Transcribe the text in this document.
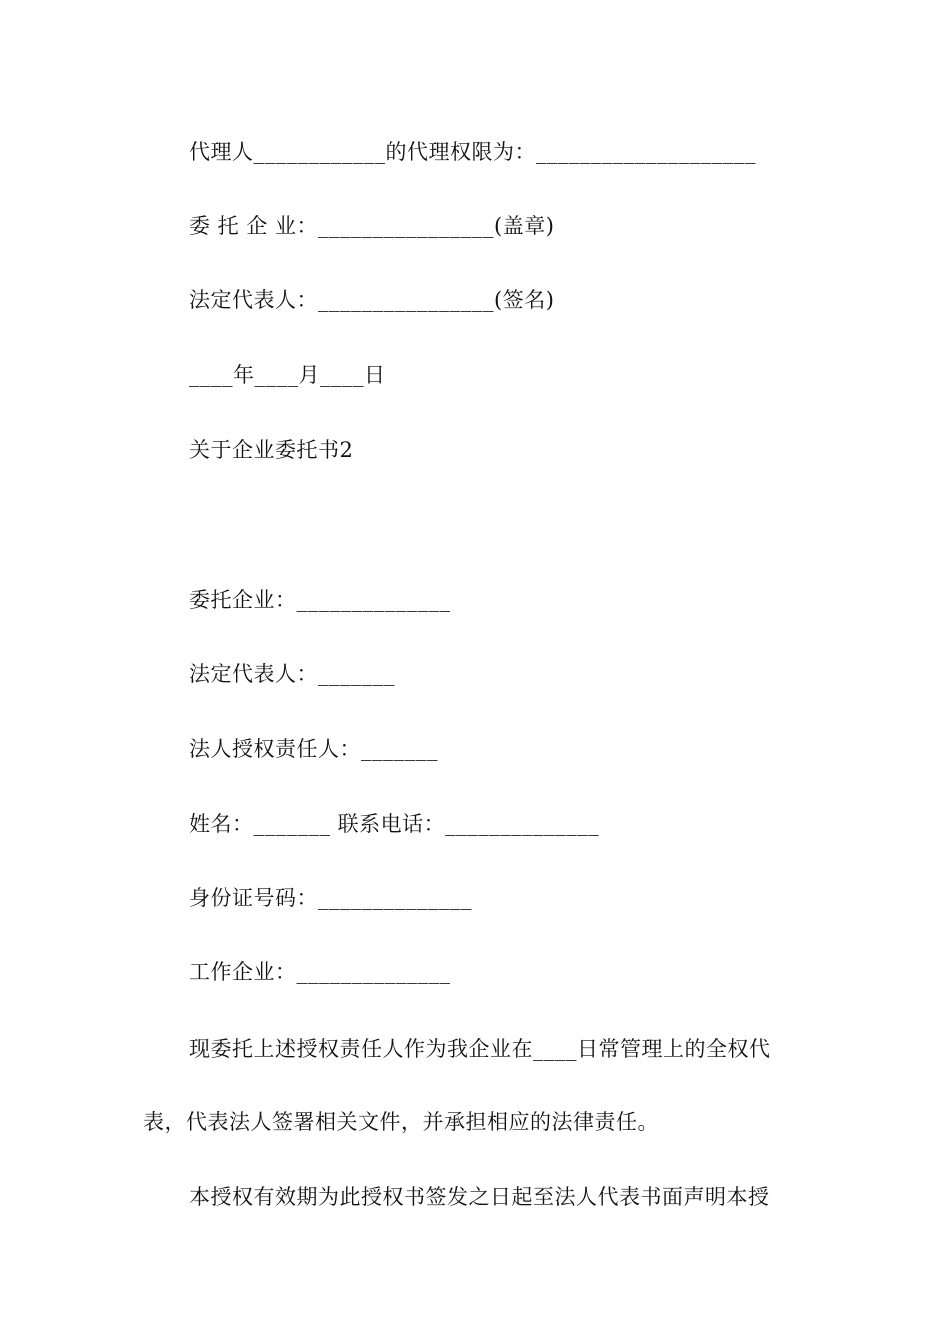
代理人____________的代理权限为：____________________
委 托 企 业：________________(盖章)
法定代表人：________________(签名)
____年____月____日
关于企业委托书2
委托企业：______________
法定代表人：_______
法人授权责任人：_______
姓名：_______ 联系电话：______________
身份证号码：______________
工作企业：______________
现委托上述授权责任人作为我企业在____日常管理上的全权代
表，代表法人签署相关文件，并承担相应的法律责任。
本授权有效期为此授权书签发之日起至法人代表书面声明本授
